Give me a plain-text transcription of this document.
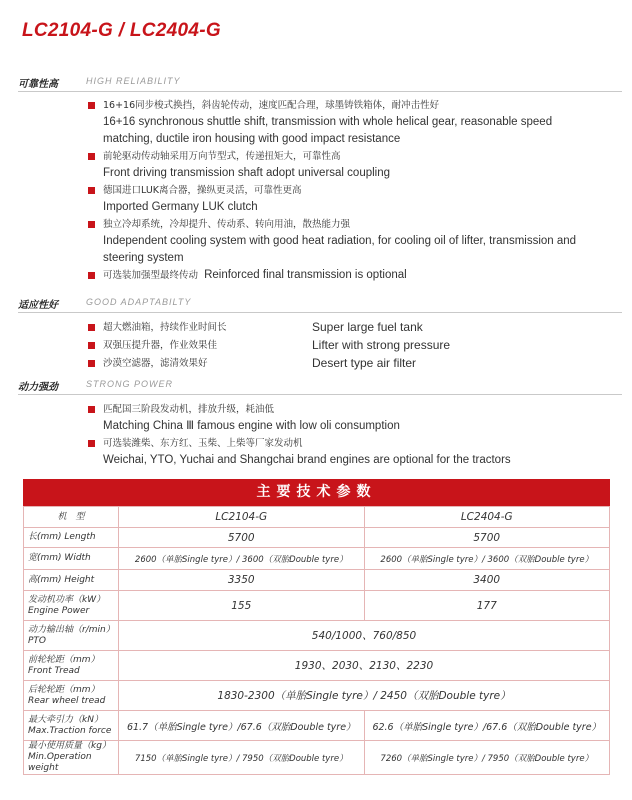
LC2104-G / LC2404-G
可靠性高	HIGH RELIABILITY
16+16同步梭式换挡，斜齿轮传动，速度匹配合理，球墨铸铁箱体，耐冲击性好
16+16 synchronous shuttle shift, transmission with whole helical gear, reasonable speed matching, ductile iron housing with good impact resistance
前轮驱动传动轴采用万向节型式，传递扭矩大，可靠性高
Front driving transmission shaft adopt universal coupling
德国进口LUK离合器，操纵更灵活，可靠性更高
Imported Germany LUK clutch
独立冷却系统，冷却提升、传动系、转向用油，散热能力强
Independent cooling system with good heat radiation, for cooling oil of lifter, transmission and steering system
可选装加强型最终传动 Reinforced final transmission is optional
适应性好	GOOD ADAPTABILTY
超大燃油箱，持续作业时间长	Super large fuel tank
双强压提升器，作业效果佳	Lifter with strong pressure
沙漠空滤器，滤清效果好	Desert type air filter
动力强劲	STRONG POWER
匹配国三阶段发动机，排放升级，耗油低
Matching China Ⅲ famous engine with low oli consumption
可选装潍柴、东方红、玉柴、上柴等厂家发动机
Weichai, YTO, Yuchai and Shangchai brand engines are optional for the tractors
主要技术参数
机　型	LC2104-G	LC2404-G
长(mm) Length	5700	5700
宽(mm) Width	2600（单胎Single tyre）/ 3600（双胎Double tyre）	2600（单胎Single tyre）/ 3600（双胎Double tyre）
高(mm) Height	3350	3400

发动机功率（kW）
Engine Power	155	177

动力输出轴（r/min）
PTO	540/1000、760/850	

前轮轮距（mm）
Front Tread	1930、2030、2130、2230	

后轮轮距（mm）
Rear wheel tread	1830-2300（单胎Single tyre）/ 2450（双胎Double tyre）	

最大牵引力（kN）
Max.Traction force	61.7（单胎Single tyre）/67.6（双胎Double tyre）	62.6（单胎Single tyre）/67.6（双胎Double tyre）

最小使用质量（kg）
Min.Operation weight	7150（单胎Single tyre）/ 7950（双胎Double tyre）	7260（单胎Single tyre）/ 7950（双胎Double tyre）
